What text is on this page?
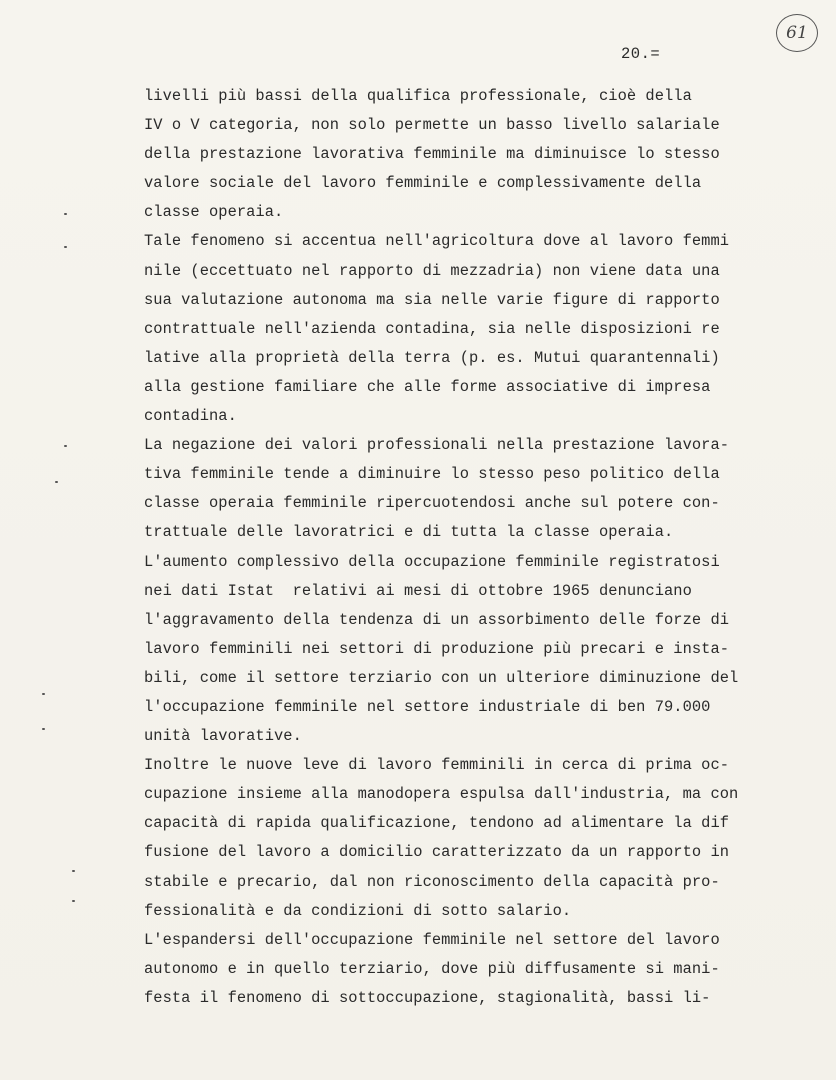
61
20.=
livelli più bassi della qualifica professionale, cioè della
IV o V categoria, non solo permette un basso livello salariale
della prestazione lavorativa femminile ma diminuisce lo stesso
valore sociale del lavoro femminile e complessivamente della
classe operaia.
Tale fenomeno si accentua nell'agricoltura dove al lavoro femmi
nile (eccettuato nel rapporto di mezzadria) non viene data una
sua valutazione autonoma ma sia nelle varie figure di rapporto
contrattuale nell'azienda contadina, sia nelle disposizioni re
lative alla proprietà della terra (p. es. Mutui quarantennali)
alla gestione familiare che alle forme associative di impresa
contadina.
La negazione dei valori professionali nella prestazione lavora-
tiva femminile tende a diminuire lo stesso peso politico della
classe operaia femminile ripercuotendosi anche sul potere con-
trattuale delle lavoratrici e di tutta la classe operaia.
L'aumento complessivo della occupazione femminile registratosi
nei dati Istat  relativi ai mesi di ottobre 1965 denunciano
l'aggravamento della tendenza di un assorbimento delle forze di
lavoro femminili nei settori di produzione più precari e insta-
bili, come il settore terziario con un ulteriore diminuzione del
l'occupazione femminile nel settore industriale di ben 79.000
unità lavorative.
Inoltre le nuove leve di lavoro femminili in cerca di prima oc-
cupazione insieme alla manodopera espulsa dall'industria, ma con
capacità di rapida qualificazione, tendono ad alimentare la dif
fusione del lavoro a domicilio caratterizzato da un rapporto in
stabile e precario, dal non riconoscimento della capacità pro-
fessionalità e da condizioni di sotto salario.
L'espandersi dell'occupazione femminile nel settore del lavoro
autonomo e in quello terziario, dove più diffusamente si mani-
festa il fenomeno di sottoccupazione, stagionalità, bassi li-
